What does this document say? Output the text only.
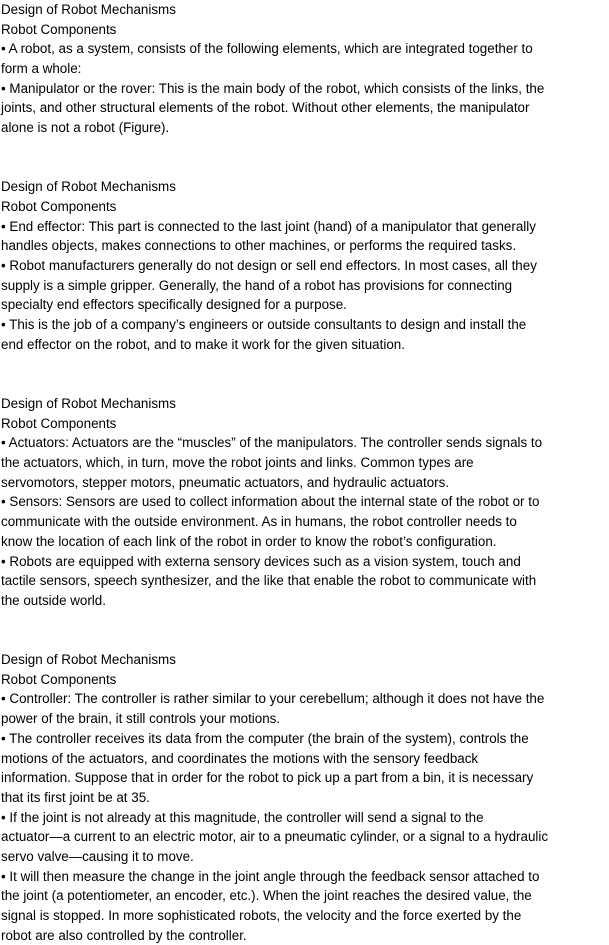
Design of Robot Mechanisms
Robot Components
• A robot, as a system, consists of the following elements, which are integrated together to
form a whole:
• Manipulator or the rover: This is the main body of the robot, which consists of the links, the
joints, and other structural elements of the robot. Without other elements, the manipulator
alone is not a robot (Figure).
Design of Robot Mechanisms
Robot Components
• End effector: This part is connected to the last joint (hand) of a manipulator that generally
handles objects, makes connections to other machines, or performs the required tasks.
• Robot manufacturers generally do not design or sell end effectors. In most cases, all they
supply is a simple gripper. Generally, the hand of a robot has provisions for connecting
specialty end effectors specifically designed for a purpose.
• This is the job of a company’s engineers or outside consultants to design and install the
end effector on the robot, and to make it work for the given situation.
Design of Robot Mechanisms
Robot Components
• Actuators: Actuators are the “muscles” of the manipulators. The controller sends signals to
the actuators, which, in turn, move the robot joints and links. Common types are
servomotors, stepper motors, pneumatic actuators, and hydraulic actuators.
• Sensors: Sensors are used to collect information about the internal state of the robot or to
communicate with the outside environment. As in humans, the robot controller needs to
know the location of each link of the robot in order to know the robot’s configuration.
• Robots are equipped with externa sensory devices such as a vision system, touch and
tactile sensors, speech synthesizer, and the like that enable the robot to communicate with
the outside world.
Design of Robot Mechanisms
Robot Components
• Controller: The controller is rather similar to your cerebellum; although it does not have the
power of the brain, it still controls your motions.
• The controller receives its data from the computer (the brain of the system), controls the
motions of the actuators, and coordinates the motions with the sensory feedback
information. Suppose that in order for the robot to pick up a part from a bin, it is necessary
that its first joint be at 35.
• If the joint is not already at this magnitude, the controller will send a signal to the
actuator—a current to an electric motor, air to a pneumatic cylinder, or a signal to a hydraulic
servo valve—causing it to move.
• It will then measure the change in the joint angle through the feedback sensor attached to
the joint (a potentiometer, an encoder, etc.). When the joint reaches the desired value, the
signal is stopped. In more sophisticated robots, the velocity and the force exerted by the
robot are also controlled by the controller.
